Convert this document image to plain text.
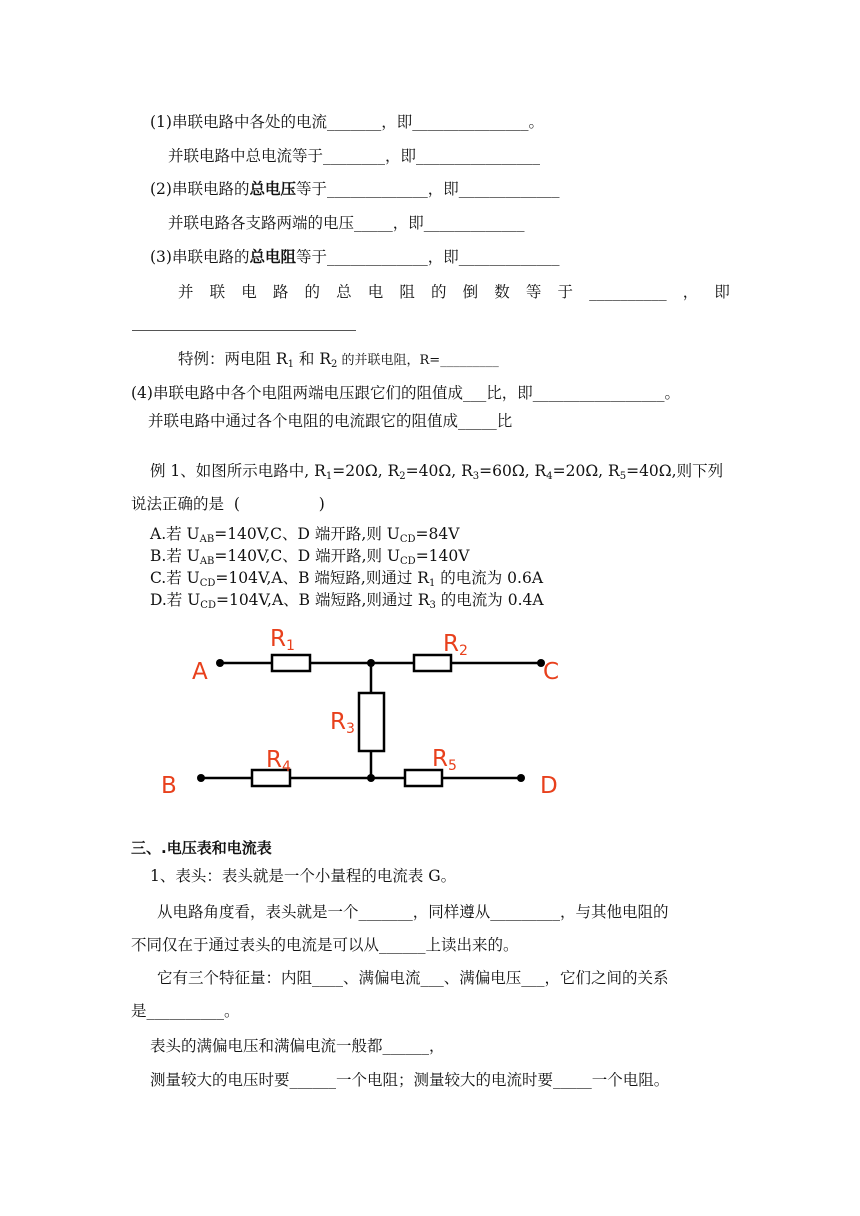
(1)串联电路中各处的电流_______，即_______________。
并联电路中总电流等于________，即________________
(2)串联电路的总电压等于_____________，即_____________
并联电路各支路两端的电压_____，即_____________
(3)串联电路的总电阻等于_____________，即_____________
并 联 电 路 的 总 电 阻 的 倒 数 等 于 __________ ， 即
特例：两电阻 $R_1$ 和 $R_2$ 的并联电阻，R=_________
(4)串联电路中各个电阻两端电压跟它们的阻值成___比，即_________________。
并联电路中通过各个电阻的电流跟它的阻值成_____比
例 1、如图所示电路中, $R_1=20\Omega$, $R_2=40\Omega$, $R_3=60\Omega$, $R_4=20\Omega$, $R_5=40\Omega$,则下列
说法正确的是  (                )
A.若 $U_{AB}=140V,C$、D 端开路,则 $U_{CD}=84V$
B.若 $U_{AB}=140V,C$、D 端开路,则 $U_{CD}=140V$
C.若 $U_{CD}=104V,A$、B 端短路,则通过 $R_1$ 的电流为 0.6A
D.若 $U_{CD}=104V,A$、B 端短路,则通过 $R_3$ 的电流为 0.4A
A	C
B	D
R1	R2
R3
R4	R5
三、.电压表和电流表
1、表头：表头就是一个小量程的电流表 G。
从电路角度看，表头就是一个_______，同样遵从_________，与其他电阻的
不同仅在于通过表头的电流是可以从______上读出来的。
它有三个特征量：内阻____、满偏电流___、满偏电压___，它们之间的关系
是__________。
表头的满偏电压和满偏电流一般都______，
测量较大的电压时要______一个电阻；测量较大的电流时要_____一个电阻。
